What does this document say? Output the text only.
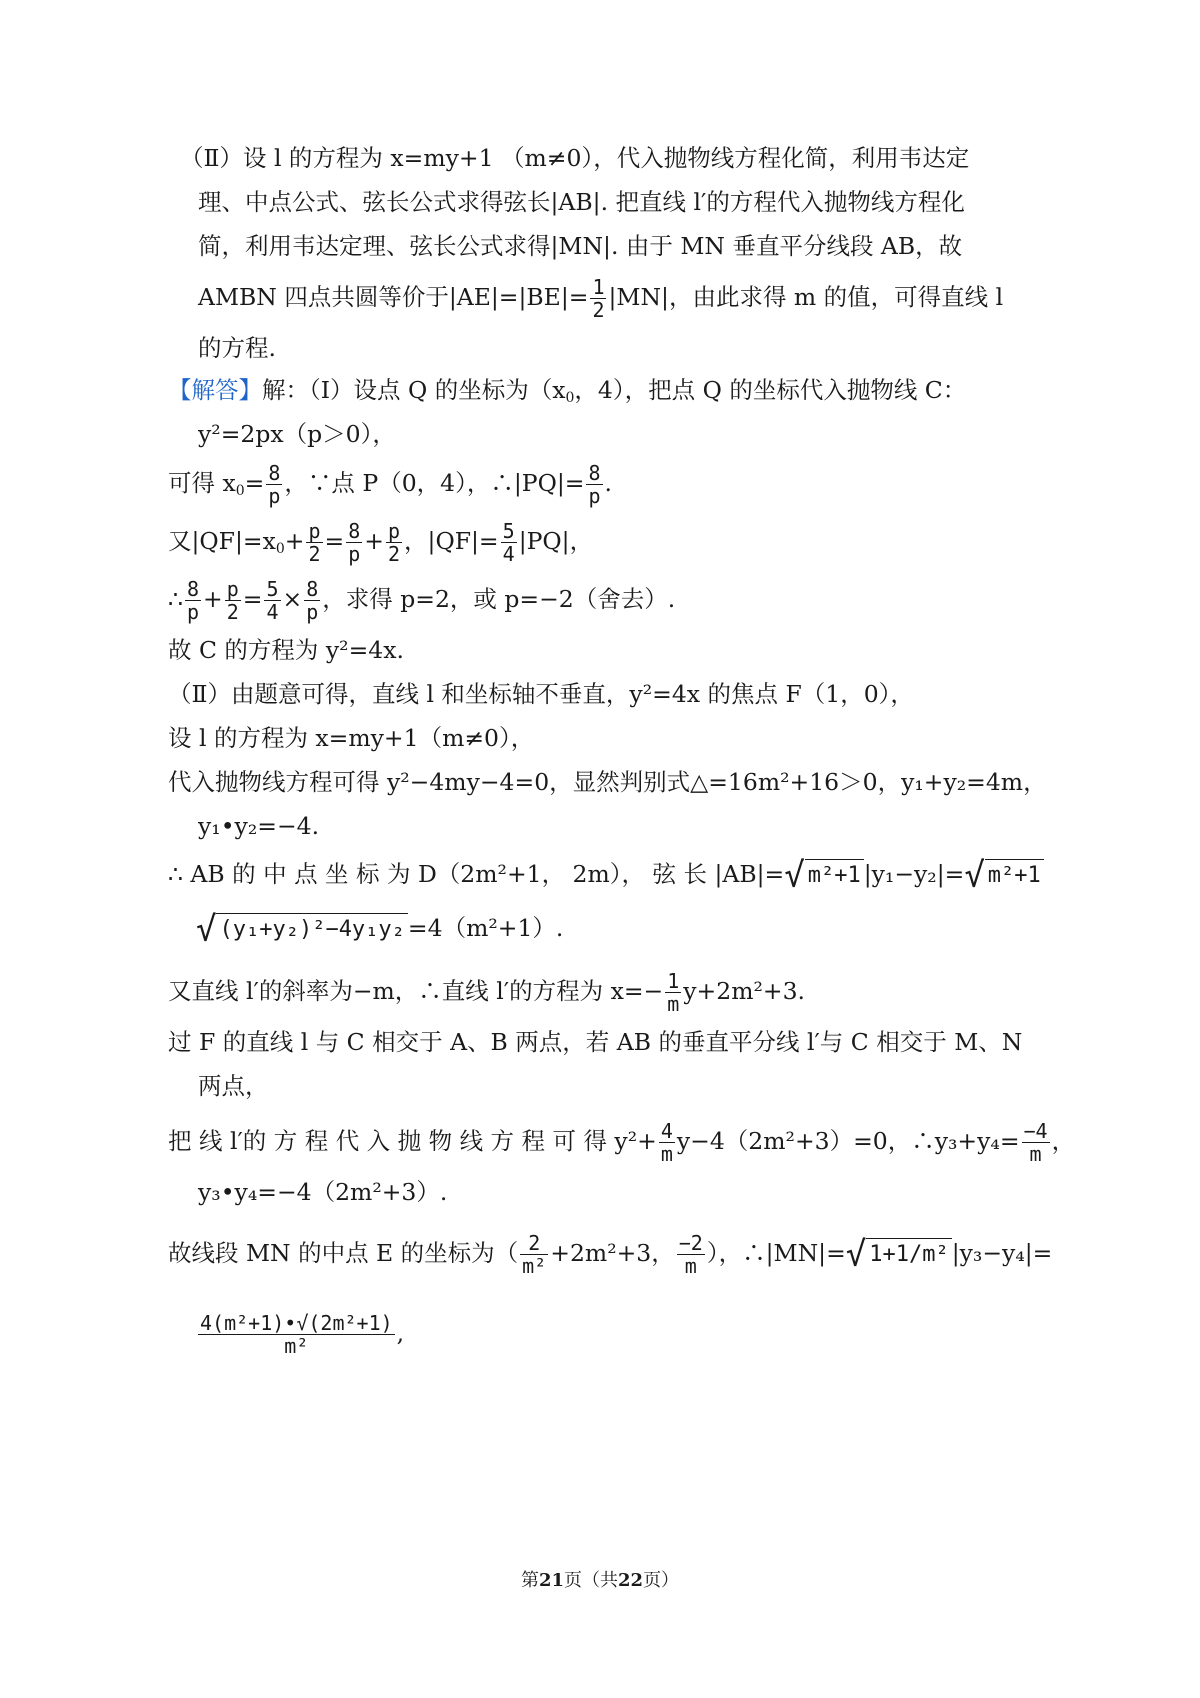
（Ⅱ）设 l 的方程为 x=my+1 （m≠0），代入抛物线方程化简，利用韦达定
理、中点公式、弦长公式求得弦长|AB|. 把直线 l′的方程代入抛物线方程化
简，利用韦达定理、弦长公式求得|MN|. 由于 MN 垂直平分线段 AB，故
AMBN 四点共圆等价于$|AE|=|BE|= \frac{1}{2} |MN|$，由此求得 m 的值，可得直线 l
的方程.
【解答】解：（Ⅰ）设点 Q 的坐标为（$x_0$，4），把点 Q 的坐标代入抛物线 C：
y²=2px（p＞0），
可得 $x_0= \frac{8}{p}$ ，∵点 P（0，4），∴|PQ|= $\frac{8}{p}$ .
又$|QF|=x_0+ \frac{p}{2} = \frac{8}{p} + \frac{p}{2}$ ，$|QF|= \frac{5}{4} |PQ|$，
∴ $\frac{8}{p} + \frac{p}{2} = \frac{5}{4} \times \frac{8}{p}$ ，求得 p=2，或 p=−2（舍去）.
故 C 的方程为 y²=4x.
（Ⅱ）由题意可得，直线 l 和坐标轴不垂直，y²=4x 的焦点 F（1，0），
设 l 的方程为 x=my+1（m≠0），
代入抛物线方程可得 y²−4my−4=0，显然判别式△=16m²+16＞0，y₁+y₂=4m，
y₁•y₂=−4.
∴ AB 的 中 点 坐 标 为 D（2m²+1， 2m）， 弦 长 |AB|=√ m²+1 |y₁−y₂|=√ m²+1
√ (y₁+y₂)²−4y₁y₂ =4（m²+1）.
又直线 l′的斜率为−m，∴直线 l′的方程为 $x=- \frac{1}{m} y+2m^2+3$.
过 F 的直线 l 与 C 相交于 A、B 两点，若 AB 的垂直平分线 l′与 C 相交于 M、N
两点，
把 线 l′的 方 程 代 入 抛 物 线 方 程 可 得 $y^2+ \frac{4}{m} y-4(2m^2+3)=0$，∴y₃+y₄= $\frac{-4}{m}$ ，
y₃•y₄=−4（2m²+3）.
故线段 MN 的中点 E 的坐标为（ $\frac{2}{\text{m²}} +2m^2+3$， $\frac{-2}{m}$ ），∴|MN|=√ 1+1/m² |y₃−y₄|=
$\frac{\text{4(m²+1)•√(2m²+1)}}{\text{m²}}$ ,
第21页（共22页）
